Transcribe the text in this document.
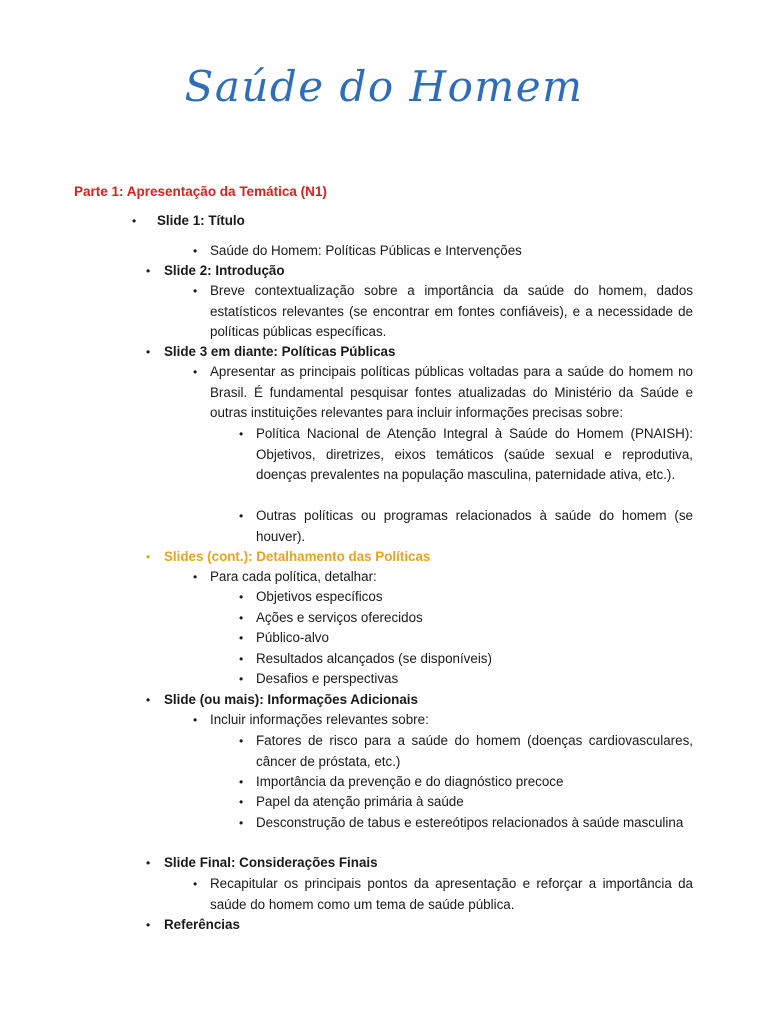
Saúde do Homem
Parte 1: Apresentação da Temática (N1)
• Slide 1: Título
• Saúde do Homem: Políticas Públicas e Intervenções
• Slide 2: Introdução
• Breve contextualização sobre a importância da saúde do homem, dados estatísticos relevantes (se encontrar em fontes confiáveis), e a necessidade de políticas públicas específicas.
• Slide 3 em diante: Políticas Públicas
• Apresentar as principais políticas públicas voltadas para a saúde do homem no Brasil. É fundamental pesquisar fontes atualizadas do Ministério da Saúde e outras instituições relevantes para incluir informações precisas sobre:
• Política Nacional de Atenção Integral à Saúde do Homem (PNAISH): Objetivos, diretrizes, eixos temáticos (saúde sexual e reprodutiva, doenças prevalentes na população masculina, paternidade ativa, etc.).
• Outras políticas ou programas relacionados à saúde do homem (se houver).
• Slides (cont.): Detalhamento das Políticas
• Para cada política, detalhar:
• Objetivos específicos
• Ações e serviços oferecidos
• Público-alvo
• Resultados alcançados (se disponíveis)
• Desafios e perspectivas
• Slide (ou mais): Informações Adicionais
• Incluir informações relevantes sobre:
• Fatores de risco para a saúde do homem (doenças cardiovasculares, câncer de próstata, etc.)
• Importância da prevenção e do diagnóstico precoce
• Papel da atenção primária à saúde
• Desconstrução de tabus e estereótipos relacionados à saúde masculina
• Slide Final: Considerações Finais
• Recapitular os principais pontos da apresentação e reforçar a importância da saúde do homem como um tema de saúde pública.
• Referências
